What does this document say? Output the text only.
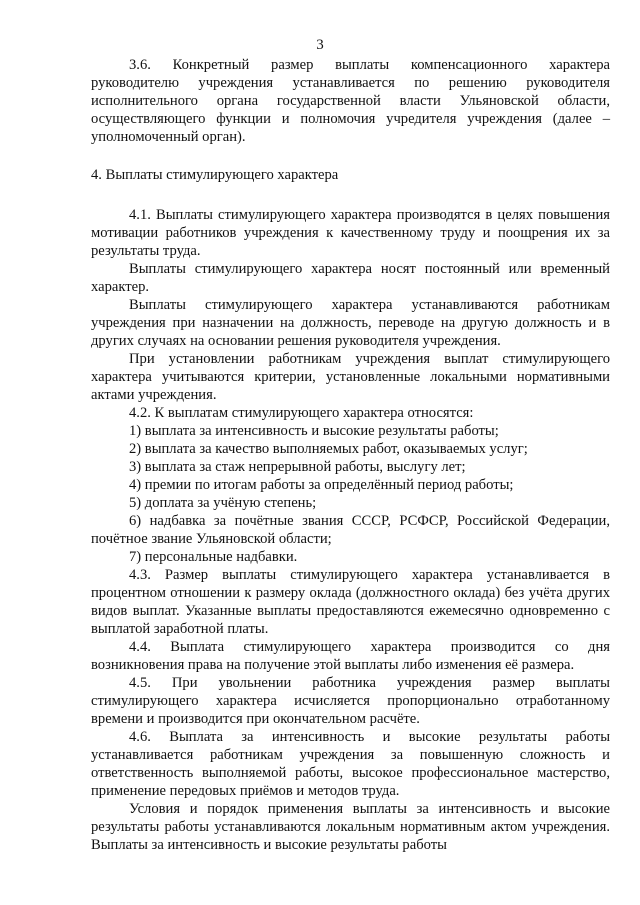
3

3.6. Конкретный размер выплаты компенсационного характера руководителю учреждения устанавливается по решению руководителя исполнительного органа государственной власти Ульяновской области, осуществляющего функции и полномочия учредителя учреждения (далее – уполномоченный орган).

4. Выплаты стимулирующего характера

4.1. Выплаты стимулирующего характера производятся в целях повышения мотивации работников учреждения к качественному труду и поощрения их за результаты труда.

Выплаты стимулирующего характера носят постоянный или временный характер.

Выплаты стимулирующего характера устанавливаются работникам учреждения при назначении на должность, переводе на другую должность и в других случаях на основании решения руководителя учреждения.

При установлении работникам учреждения выплат стимулирующего характера учитываются критерии, установленные локальными нормативными актами учреждения.

4.2. К выплатам стимулирующего характера относятся:

1) выплата за интенсивность и высокие результаты работы;

2) выплата за качество выполняемых работ, оказываемых услуг;

3) выплата за стаж непрерывной работы, выслугу лет;

4) премии по итогам работы за определённый период работы;

5) доплата за учёную степень;

6) надбавка за почётные звания СССР, РСФСР, Российской Федерации, почётное звание Ульяновской области;

7) персональные надбавки.

4.3. Размер выплаты стимулирующего характера устанавливается в процентном отношении к размеру оклада (должностного оклада) без учёта других видов выплат. Указанные выплаты предоставляются ежемесячно одновременно с выплатой заработной платы.

4.4. Выплата стимулирующего характера производится со дня возникновения права на получение этой выплаты либо изменения её размера.

4.5. При увольнении работника учреждения размер выплаты стимулирующего характера исчисляется пропорционально отработанному времени и производится при окончательном расчёте.

4.6. Выплата за интенсивность и высокие результаты работы устанавливается работникам учреждения за повышенную сложность и ответственность выполняемой работы, высокое профессиональное мастерство, применение передовых приёмов и методов труда.

Условия и порядок применения выплаты за интенсивность и высокие результаты работы устанавливаются локальным нормативным актом учреждения. Выплаты за интенсивность и высокие результаты работы
